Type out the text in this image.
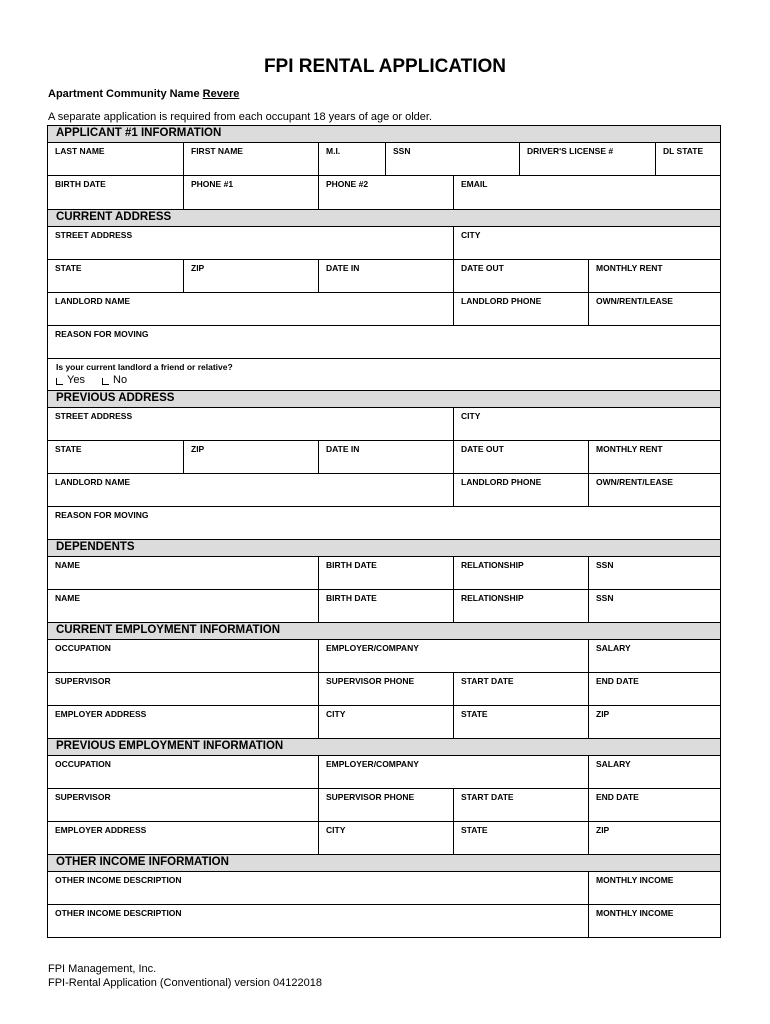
FPI RENTAL APPLICATION
Apartment Community Name Revere
A separate application is required from each occupant 18 years of age or older.
APPLICANT #1 INFORMATION
LAST NAME	FIRST NAME	M.I.	SSN	DRIVER'S LICENSE #	DL STATE
BIRTH DATE	PHONE #1	PHONE #2	EMAIL
CURRENT ADDRESS
STREET ADDRESS	CITY
STATE	ZIP	DATE IN	DATE OUT	MONTHLY RENT
LANDLORD NAME	LANDLORD PHONE	OWN/RENT/LEASE
REASON FOR MOVING
Is your current landlord a friend or relative?
Yes
	No
PREVIOUS ADDRESS
STREET ADDRESS	CITY
STATE	ZIP	DATE IN	DATE OUT	MONTHLY RENT
LANDLORD NAME	LANDLORD PHONE	OWN/RENT/LEASE
REASON FOR MOVING
DEPENDENTS
NAME	BIRTH DATE	RELATIONSHIP	SSN
NAME	BIRTH DATE	RELATIONSHIP	SSN
CURRENT EMPLOYMENT INFORMATION
OCCUPATION	EMPLOYER/COMPANY	SALARY
SUPERVISOR	SUPERVISOR PHONE	START DATE	END DATE
EMPLOYER ADDRESS	CITY	STATE	ZIP
PREVIOUS EMPLOYMENT INFORMATION
OCCUPATION	EMPLOYER/COMPANY	SALARY
SUPERVISOR	SUPERVISOR PHONE	START DATE	END DATE
EMPLOYER ADDRESS	CITY	STATE	ZIP
OTHER INCOME INFORMATION
OTHER INCOME DESCRIPTION	MONTHLY INCOME
OTHER INCOME DESCRIPTION	MONTHLY INCOME
FPI Management, Inc.
FPI-Rental Application (Conventional) version 04122018
